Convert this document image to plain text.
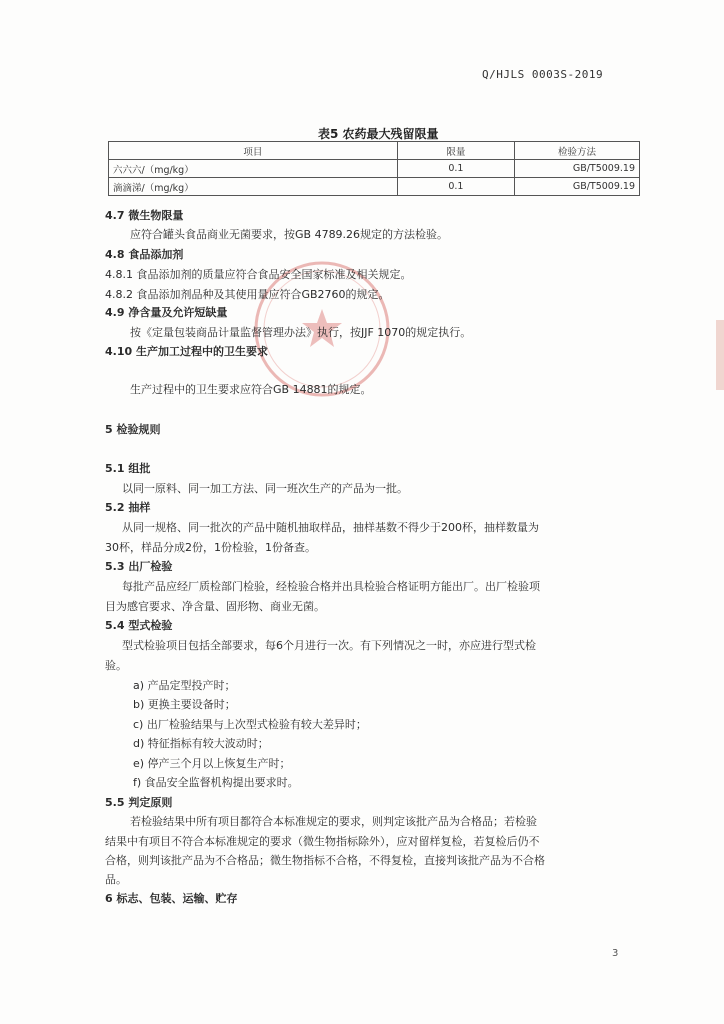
Q/HJLS 0003S-2019
表5 农药最大残留限量
项目	限量	检验方法
六六六/（mg/kg）	0.1	GB/T5009.19
滴滴涕/（mg/kg）	0.1	GB/T5009.19
4.7 微生物限量
应符合罐头食品商业无菌要求，按GB 4789.26规定的方法检验。
4.8 食品添加剂
4.8.1 食品添加剂的质量应符合食品安全国家标准及相关规定。
4.8.2 食品添加剂品种及其使用量应符合GB2760的规定。
4.9 净含量及允许短缺量
按《定量包装商品计量监督管理办法》执行，按JJF 1070的规定执行。
4.10 生产加工过程中的卫生要求
生产过程中的卫生要求应符合GB 14881的规定。
5 检验规则
5.1 组批
以同一原料、同一加工方法、同一班次生产的产品为一批。
5.2 抽样
从同一规格、同一批次的产品中随机抽取样品，抽样基数不得少于200杯，抽样数量为
30杯，样品分成2份，1份检验，1份备查。
5.3 出厂检验
每批产品应经厂质检部门检验，经检验合格并出具检验合格证明方能出厂。出厂检验项
目为感官要求、净含量、固形物、商业无菌。
5.4 型式检验
型式检验项目包括全部要求，每6个月进行一次。有下列情况之一时，亦应进行型式检
验。
a) 产品定型投产时；
b) 更换主要设备时；
c) 出厂检验结果与上次型式检验有较大差异时；
d) 特征指标有较大波动时；
e) 停产三个月以上恢复生产时；
f) 食品安全监督机构提出要求时。
5.5 判定原则
若检验结果中所有项目都符合本标准规定的要求，则判定该批产品为合格品；若检验
结果中有项目不符合本标准规定的要求（微生物指标除外），应对留样复检，若复检后仍不
合格，则判该批产品为不合格品；微生物指标不合格，不得复检，直接判该批产品为不合格
品。
6 标志、包装、运输、贮存
3
